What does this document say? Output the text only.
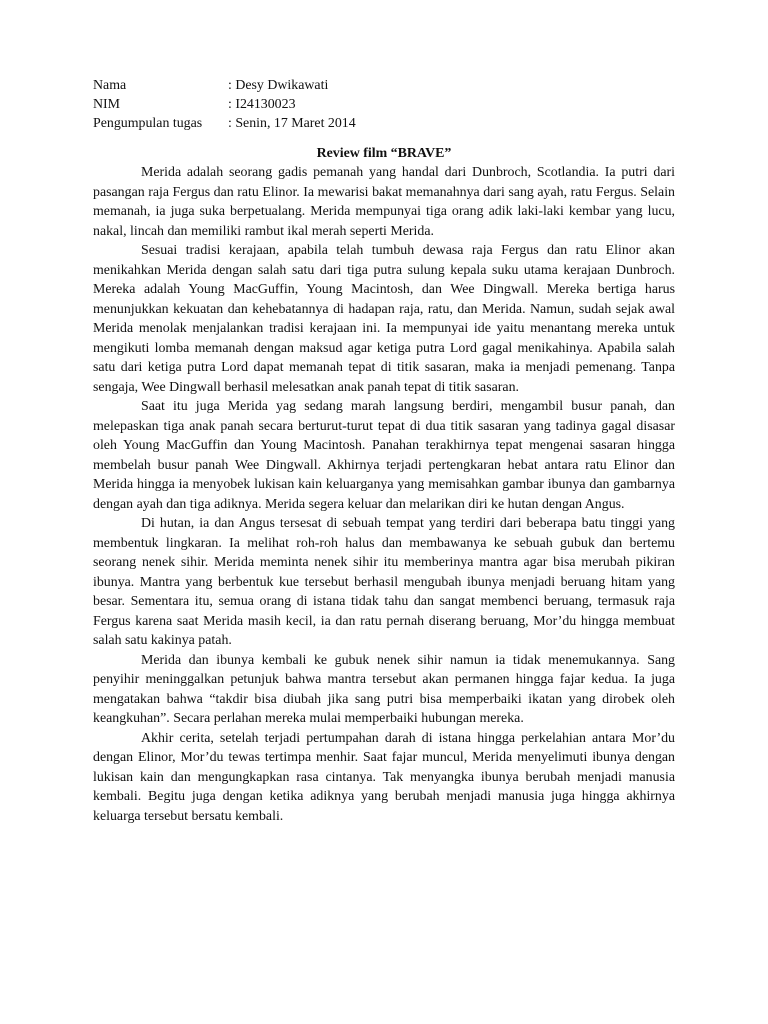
Nama	: Desy Dwikawati
NIM	: I24130023
Pengumpulan tugas	: Senin, 17 Maret 2014
Review film “BRAVE”

Merida adalah seorang gadis pemanah yang handal dari Dunbroch, Scotlandia. Ia putri dari pasangan raja Fergus dan ratu Elinor. Ia mewarisi bakat memanahnya dari sang ayah, ratu Fergus. Selain memanah, ia juga suka berpetualang. Merida mempunyai tiga orang adik laki-laki kembar yang lucu, nakal, lincah dan memiliki rambut ikal merah seperti Merida.

Sesuai tradisi kerajaan, apabila telah tumbuh dewasa raja Fergus dan ratu Elinor akan menikahkan Merida dengan salah satu dari tiga putra sulung kepala suku utama kerajaan Dunbroch. Mereka adalah Young MacGuffin, Young Macintosh, dan Wee Dingwall. Mereka bertiga harus menunjukkan kekuatan dan kehebatannya di hadapan raja, ratu, dan Merida. Namun, sudah sejak awal Merida menolak menjalankan tradisi kerajaan ini. Ia mempunyai ide yaitu menantang mereka untuk mengikuti lomba memanah dengan maksud agar ketiga putra Lord gagal menikahinya. Apabila salah satu dari ketiga putra Lord dapat memanah tepat di titik sasaran, maka ia menjadi pemenang. Tanpa sengaja, Wee Dingwall berhasil melesatkan anak panah tepat di titik sasaran.

Saat itu juga Merida yag sedang marah langsung berdiri, mengambil busur panah, dan melepaskan tiga anak panah secara berturut-turut tepat di dua titik sasaran yang tadinya gagal disasar oleh Young MacGuffin dan Young Macintosh. Panahan terakhirnya tepat mengenai sasaran hingga membelah busur panah Wee Dingwall. Akhirnya terjadi pertengkaran hebat antara ratu Elinor dan Merida hingga ia menyobek lukisan kain keluarganya yang memisahkan gambar ibunya dan gambarnya dengan ayah dan tiga adiknya. Merida segera keluar dan melarikan diri ke hutan dengan Angus.

Di hutan, ia dan Angus tersesat di sebuah tempat yang terdiri dari beberapa batu tinggi yang membentuk lingkaran. Ia melihat roh-roh halus dan membawanya ke sebuah gubuk dan bertemu seorang nenek sihir. Merida meminta nenek sihir itu memberinya mantra agar bisa merubah pikiran ibunya. Mantra yang berbentuk kue tersebut berhasil mengubah ibunya menjadi beruang hitam yang besar. Sementara itu, semua orang di istana tidak tahu dan sangat membenci beruang, termasuk raja Fergus karena saat Merida masih kecil, ia dan ratu pernah diserang beruang, Mor’du hingga membuat salah satu kakinya patah.

Merida dan ibunya kembali ke gubuk nenek sihir namun ia tidak menemukannya. Sang penyihir meninggalkan petunjuk bahwa mantra tersebut akan permanen hingga fajar kedua. Ia juga mengatakan bahwa “takdir bisa diubah jika sang putri bisa memperbaiki ikatan yang dirobek oleh keangkuhan”. Secara perlahan mereka mulai memperbaiki hubungan mereka.

Akhir cerita, setelah terjadi pertumpahan darah di istana hingga perkelahian antara Mor’du dengan Elinor, Mor’du tewas tertimpa menhir. Saat fajar muncul, Merida menyelimuti ibunya dengan lukisan kain dan mengungkapkan rasa cintanya. Tak menyangka ibunya berubah menjadi manusia kembali. Begitu juga dengan ketika adiknya yang berubah menjadi manusia juga hingga akhirnya keluarga tersebut bersatu kembali.
